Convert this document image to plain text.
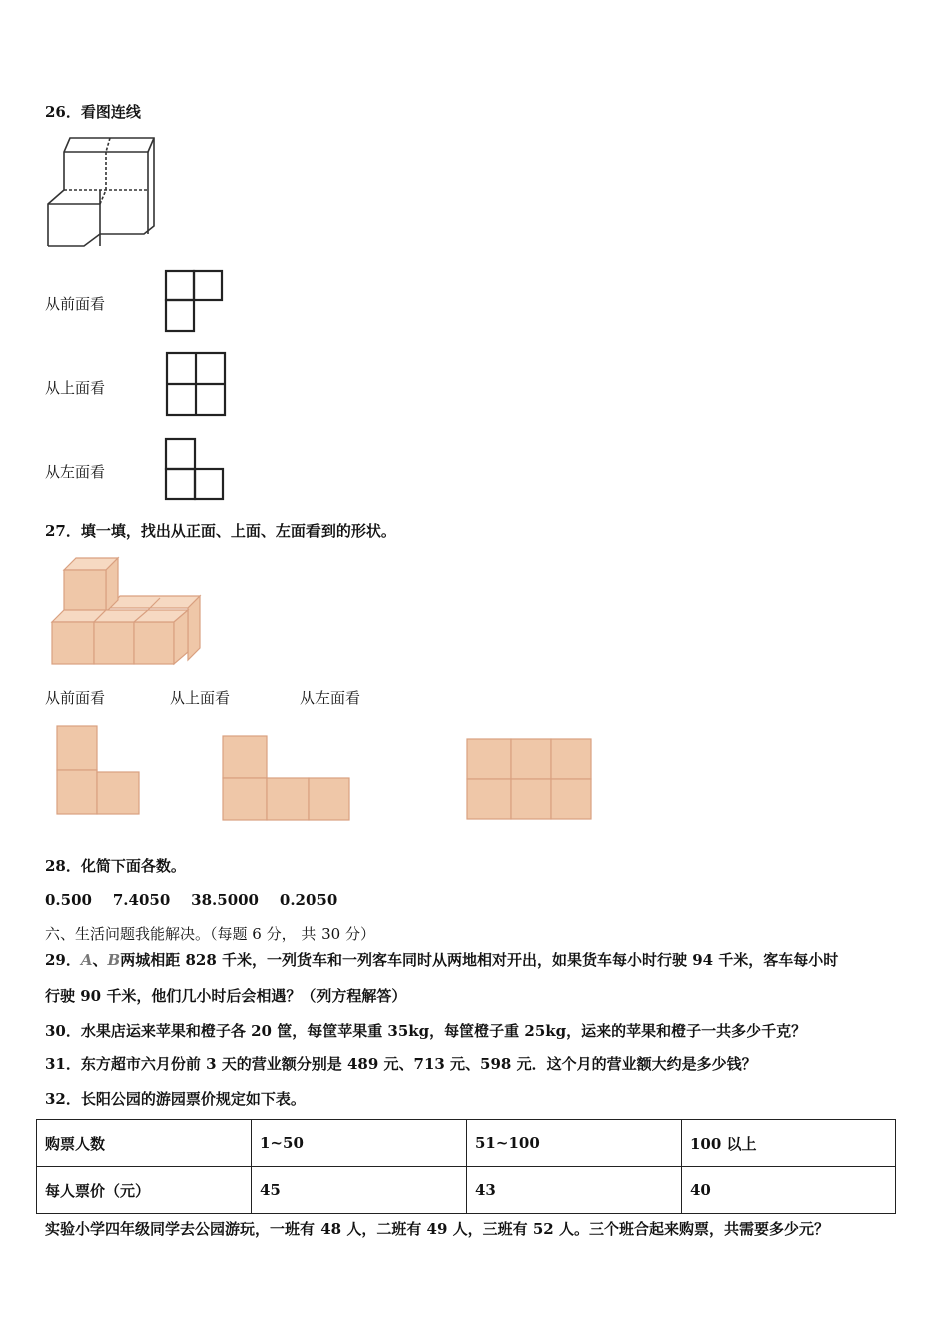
26．看图连线
从前面看
从上面看
从左面看
27．填一填，找出从正面、上面、左面看到的形状。
从前面看	从上面看	从左面看
28．化简下面各数。
0.500    7.4050    38.5000    0.2050
六、生活问题我能解决。（每题 6 分， 共 30 分）
29．A、B两城相距 828 千米，一列货车和一列客车同时从两地相对开出，如果货车每小时行驶 94 千米，客车每小时
行驶 90 千米，他们几小时后会相遇？（列方程解答）
30．水果店运来苹果和橙子各 20 筐，每筐苹果重 35kg，每筐橙子重 25kg，运来的苹果和橙子一共多少千克？
31．东方超市六月份前 3 天的营业额分别是 489 元、713 元、598 元．这个月的营业额大约是多少钱？
32．长阳公园的游园票价规定如下表。
购票人数	1~50	51~100	100 以上
每人票价（元）	45	43	40
实验小学四年级同学去公园游玩，一班有 48 人，二班有 49 人，三班有 52 人。三个班合起来购票，共需要多少元？
